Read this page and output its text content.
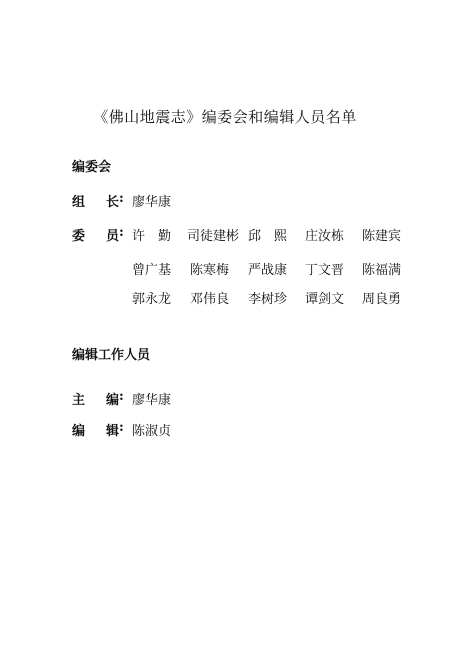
《佛山地震志》编委会和编辑人员名单
编委会
组 长 : 廖华康
委 员 : 许　勤 司徒建彬 邱　熙 庄汝栋 陈建宾
曾广基 陈寒梅 严战康 丁文晋 陈福满
郭永龙 邓伟良 李树珍 谭剑文 周良勇
编辑工作人员
主 编 : 廖华康
编 辑 : 陈淑贞
